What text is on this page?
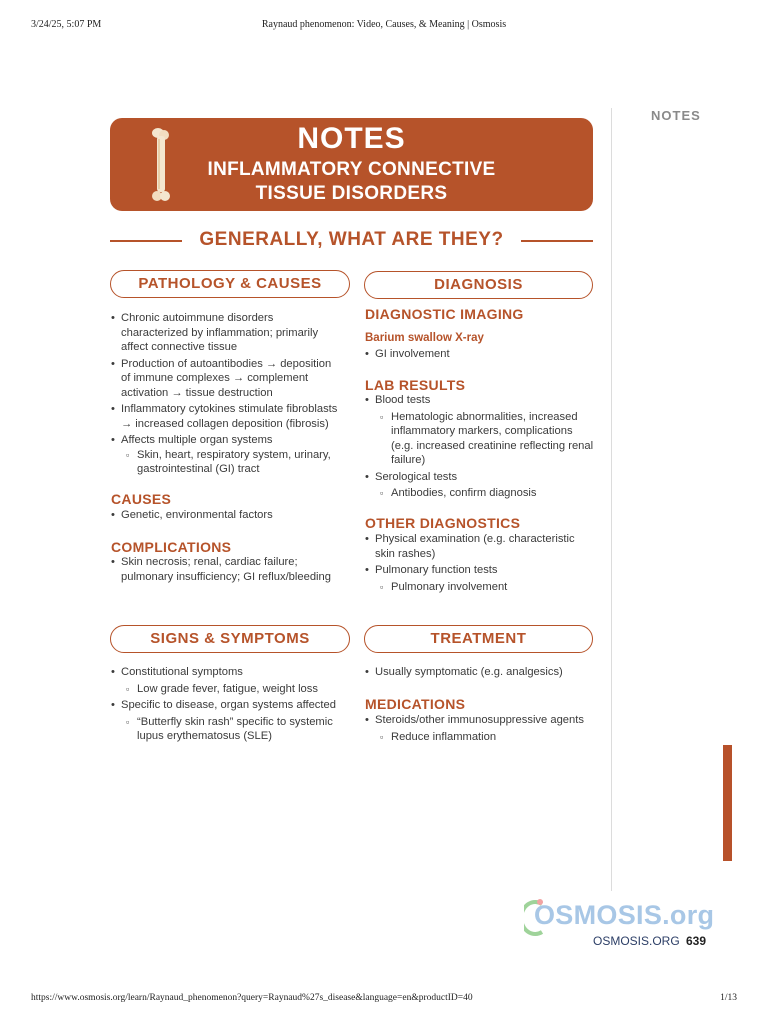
3/24/25, 5:07 PM	Raynaud phenomenon: Video, Causes, & Meaning | Osmosis
NOTES
NOTES
INFLAMMATORY CONNECTIVE
TISSUE DISORDERS
GENERALLY, WHAT ARE THEY?
PATHOLOGY & CAUSES	DIAGNOSIS
SIGNS & SYMPTOMS	TREATMENT
• Chronic autoimmune disorders characterized by inflammation; primarily affect connective tissue
• Production of autoantibodies → deposition of immune complexes → complement activation → tissue destruction
• Inflammatory cytokines stimulate fibroblasts → increased collagen deposition (fibrosis)
• Affects multiple organ systems
▫ Skin, heart, respiratory system, urinary, gastrointestinal (GI) tract
CAUSES
• Genetic, environmental factors
COMPLICATIONS
• Skin necrosis; renal, cardiac failure; pulmonary insufficiency; GI reflux/bleeding
• Constitutional symptoms
▫ Low grade fever, fatigue, weight loss
• Specific to disease, organ systems affected
▫ “Butterfly skin rash” specific to systemic lupus erythematosus (SLE)
DIAGNOSTIC IMAGING
Barium swallow X-ray
• GI involvement
LAB RESULTS
• Blood tests
▫ Hematologic abnormalities, increased inflammatory markers, complications (e.g. increased creatinine reflecting renal failure)
• Serological tests
▫ Antibodies, confirm diagnosis
OTHER DIAGNOSTICS
• Physical examination (e.g. characteristic skin rashes)
• Pulmonary function tests
▫ Pulmonary involvement
• Usually symptomatic (e.g. analgesics)
MEDICATIONS
• Steroids/other immunosuppressive agents
▫ Reduce inflammation
OSMOSIS.org
OSMOSIS.ORG 639
https://www.osmosis.org/learn/Raynaud_phenomenon?query=Raynaud%27s_disease&language=en&productID=40	1/13
